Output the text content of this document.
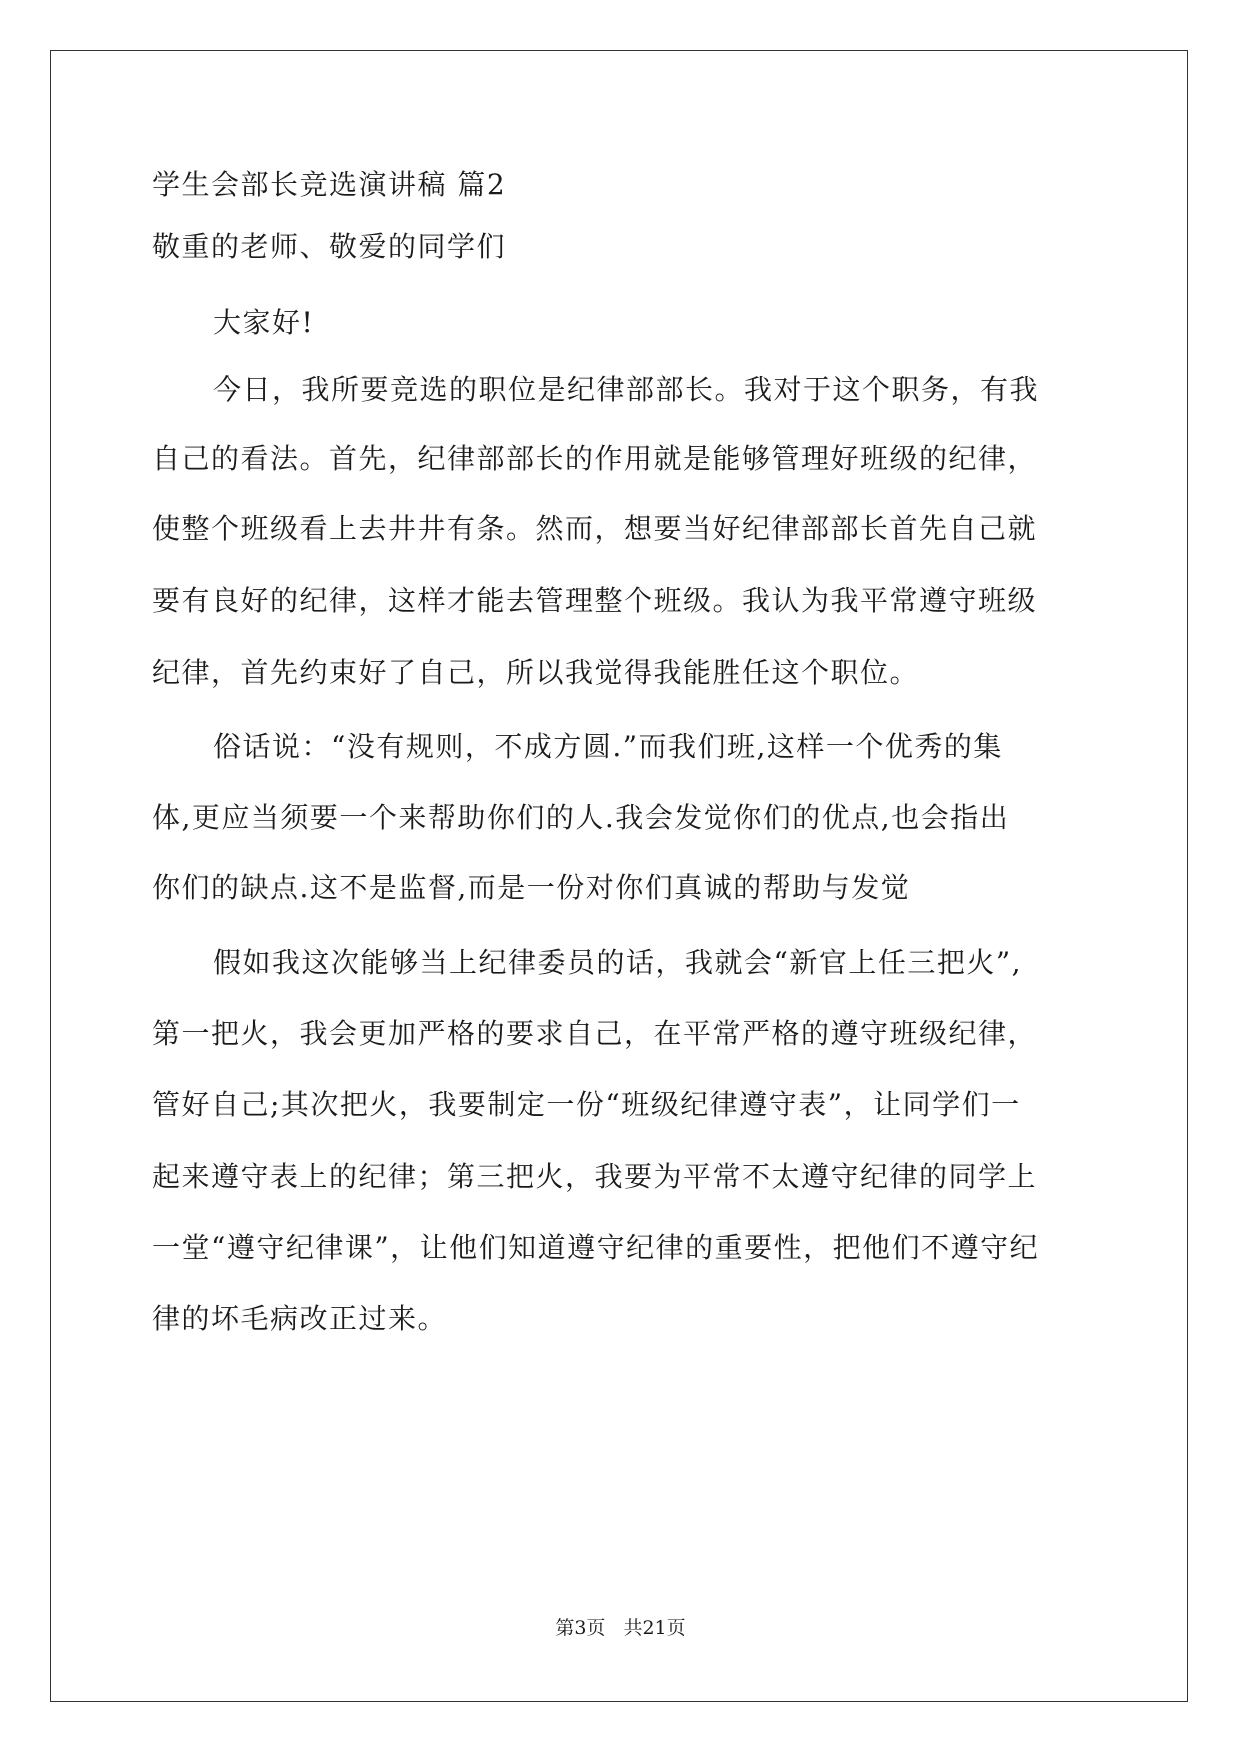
学生会部长竞选演讲稿 篇2
敬重的老师、敬爱的同学们
大家好!
今日，我所要竞选的职位是纪律部部长。我对于这个职务，有我
自己的看法。首先，纪律部部长的作用就是能够管理好班级的纪律，
使整个班级看上去井井有条。然而，想要当好纪律部部长首先自己就
要有良好的纪律，这样才能去管理整个班级。我认为我平常遵守班级
纪律，首先约束好了自己，所以我觉得我能胜任这个职位。
俗话说：“没有规则，不成方圆.”而我们班,这样一个优秀的集
体,更应当须要一个来帮助你们的人.我会发觉你们的优点,也会指出
你们的缺点.这不是监督,而是一份对你们真诚的帮助与发觉
假如我这次能够当上纪律委员的话，我就会“新官上任三把火”,
第一把火，我会更加严格的要求自己，在平常严格的遵守班级纪律，
管好自己;其次把火，我要制定一份“班级纪律遵守表”，让同学们一
起来遵守表上的纪律；第三把火，我要为平常不太遵守纪律的同学上
一堂“遵守纪律课”，让他们知道遵守纪律的重要性，把他们不遵守纪
律的坏毛病改正过来。
第3页 共21页
